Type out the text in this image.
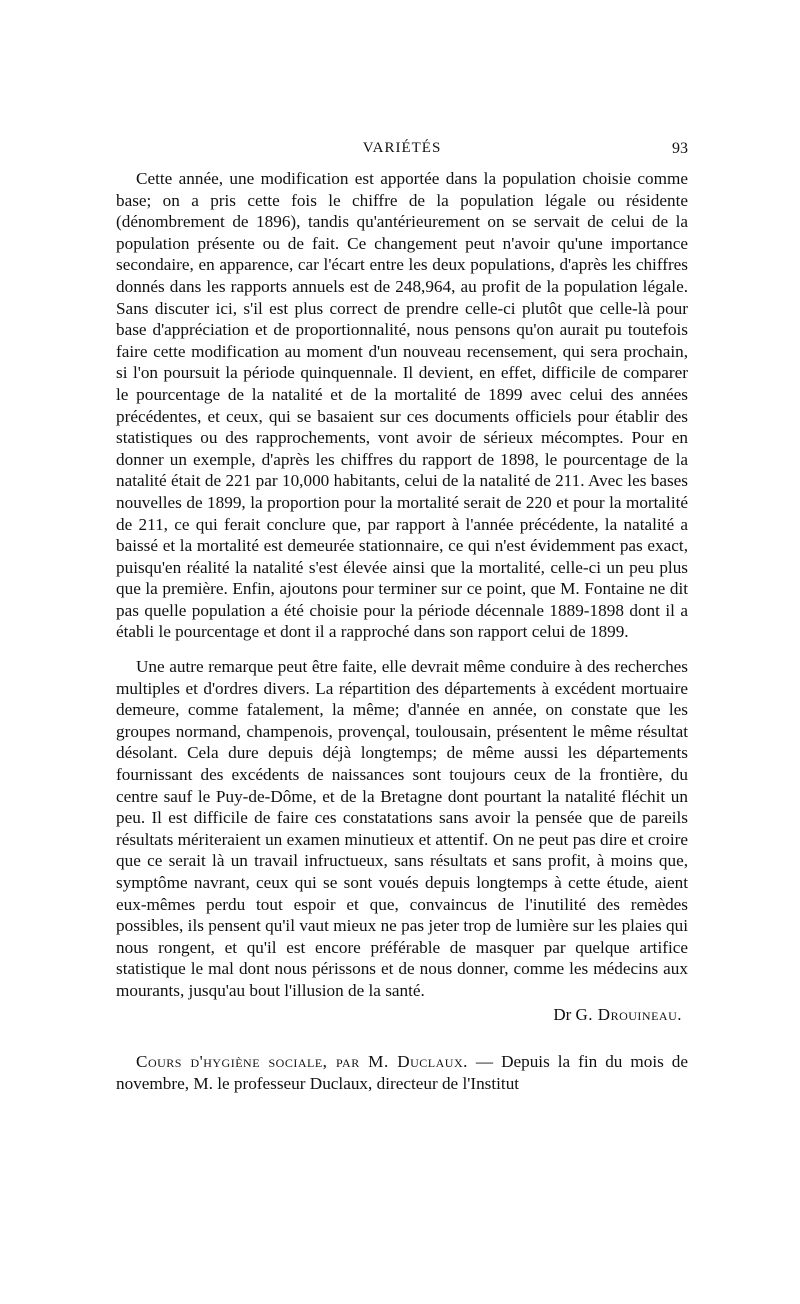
VARIÉTÉS	93

Cette année, une modification est apportée dans la population choisie comme base; on a pris cette fois le chiffre de la population légale ou résidente (dénombrement de 1896), tandis qu'antérieurement on se servait de celui de la population présente ou de fait. Ce changement peut n'avoir qu'une importance secondaire, en apparence, car l'écart entre les deux populations, d'après les chiffres donnés dans les rapports annuels est de 248,964, au profit de la population légale. Sans discuter ici, s'il est plus correct de prendre celle-ci plutôt que celle-là pour base d'appréciation et de proportionnalité, nous pensons qu'on aurait pu toutefois faire cette modification au moment d'un nouveau recensement, qui sera prochain, si l'on poursuit la période quinquennale. Il devient, en effet, difficile de comparer le pourcentage de la natalité et de la mortalité de 1899 avec celui des années précédentes, et ceux, qui se basaient sur ces documents officiels pour établir des statistiques ou des rapprochements, vont avoir de sérieux mécomptes. Pour en donner un exemple, d'après les chiffres du rapport de 1898, le pourcentage de la natalité était de 221 par 10,000 habitants, celui de la natalité de 211. Avec les bases nouvelles de 1899, la proportion pour la mortalité serait de 220 et pour la mortalité de 211, ce qui ferait conclure que, par rapport à l'année précédente, la natalité a baissé et la mortalité est demeurée stationnaire, ce qui n'est évidemment pas exact, puisqu'en réalité la natalité s'est élevée ainsi que la mortalité, celle-ci un peu plus que la première. Enfin, ajoutons pour terminer sur ce point, que M. Fontaine ne dit pas quelle population a été choisie pour la période décennale 1889-1898 dont il a établi le pourcentage et dont il a rapproché dans son rapport celui de 1899.

Une autre remarque peut être faite, elle devrait même conduire à des recherches multiples et d'ordres divers. La répartition des départements à excédent mortuaire demeure, comme fatalement, la même; d'année en année, on constate que les groupes normand, champenois, provençal, toulousain, présentent le même résultat désolant. Cela dure depuis déjà longtemps; de même aussi les départements fournissant des excédents de naissances sont toujours ceux de la frontière, du centre sauf le Puy-de-Dôme, et de la Bretagne dont pourtant la natalité fléchit un peu. Il est difficile de faire ces constatations sans avoir la pensée que de pareils résultats mériteraient un examen minutieux et attentif. On ne peut pas dire et croire que ce serait là un travail infructueux, sans résultats et sans profit, à moins que, symptôme navrant, ceux qui se sont voués depuis longtemps à cette étude, aient eux-mêmes perdu tout espoir et que, convaincus de l'inutilité des remèdes possibles, ils pensent qu'il vaut mieux ne pas jeter trop de lumière sur les plaies qui nous rongent, et qu'il est encore préférable de masquer par quelque artifice statistique le mal dont nous périssons et de nous donner, comme les médecins aux mourants, jusqu'au bout l'illusion de la santé.

Dr G. Drouineau.

Cours d'hygiène sociale, par M. Duclaux. — Depuis la fin du mois de novembre, M. le professeur Duclaux, directeur de l'Institut
